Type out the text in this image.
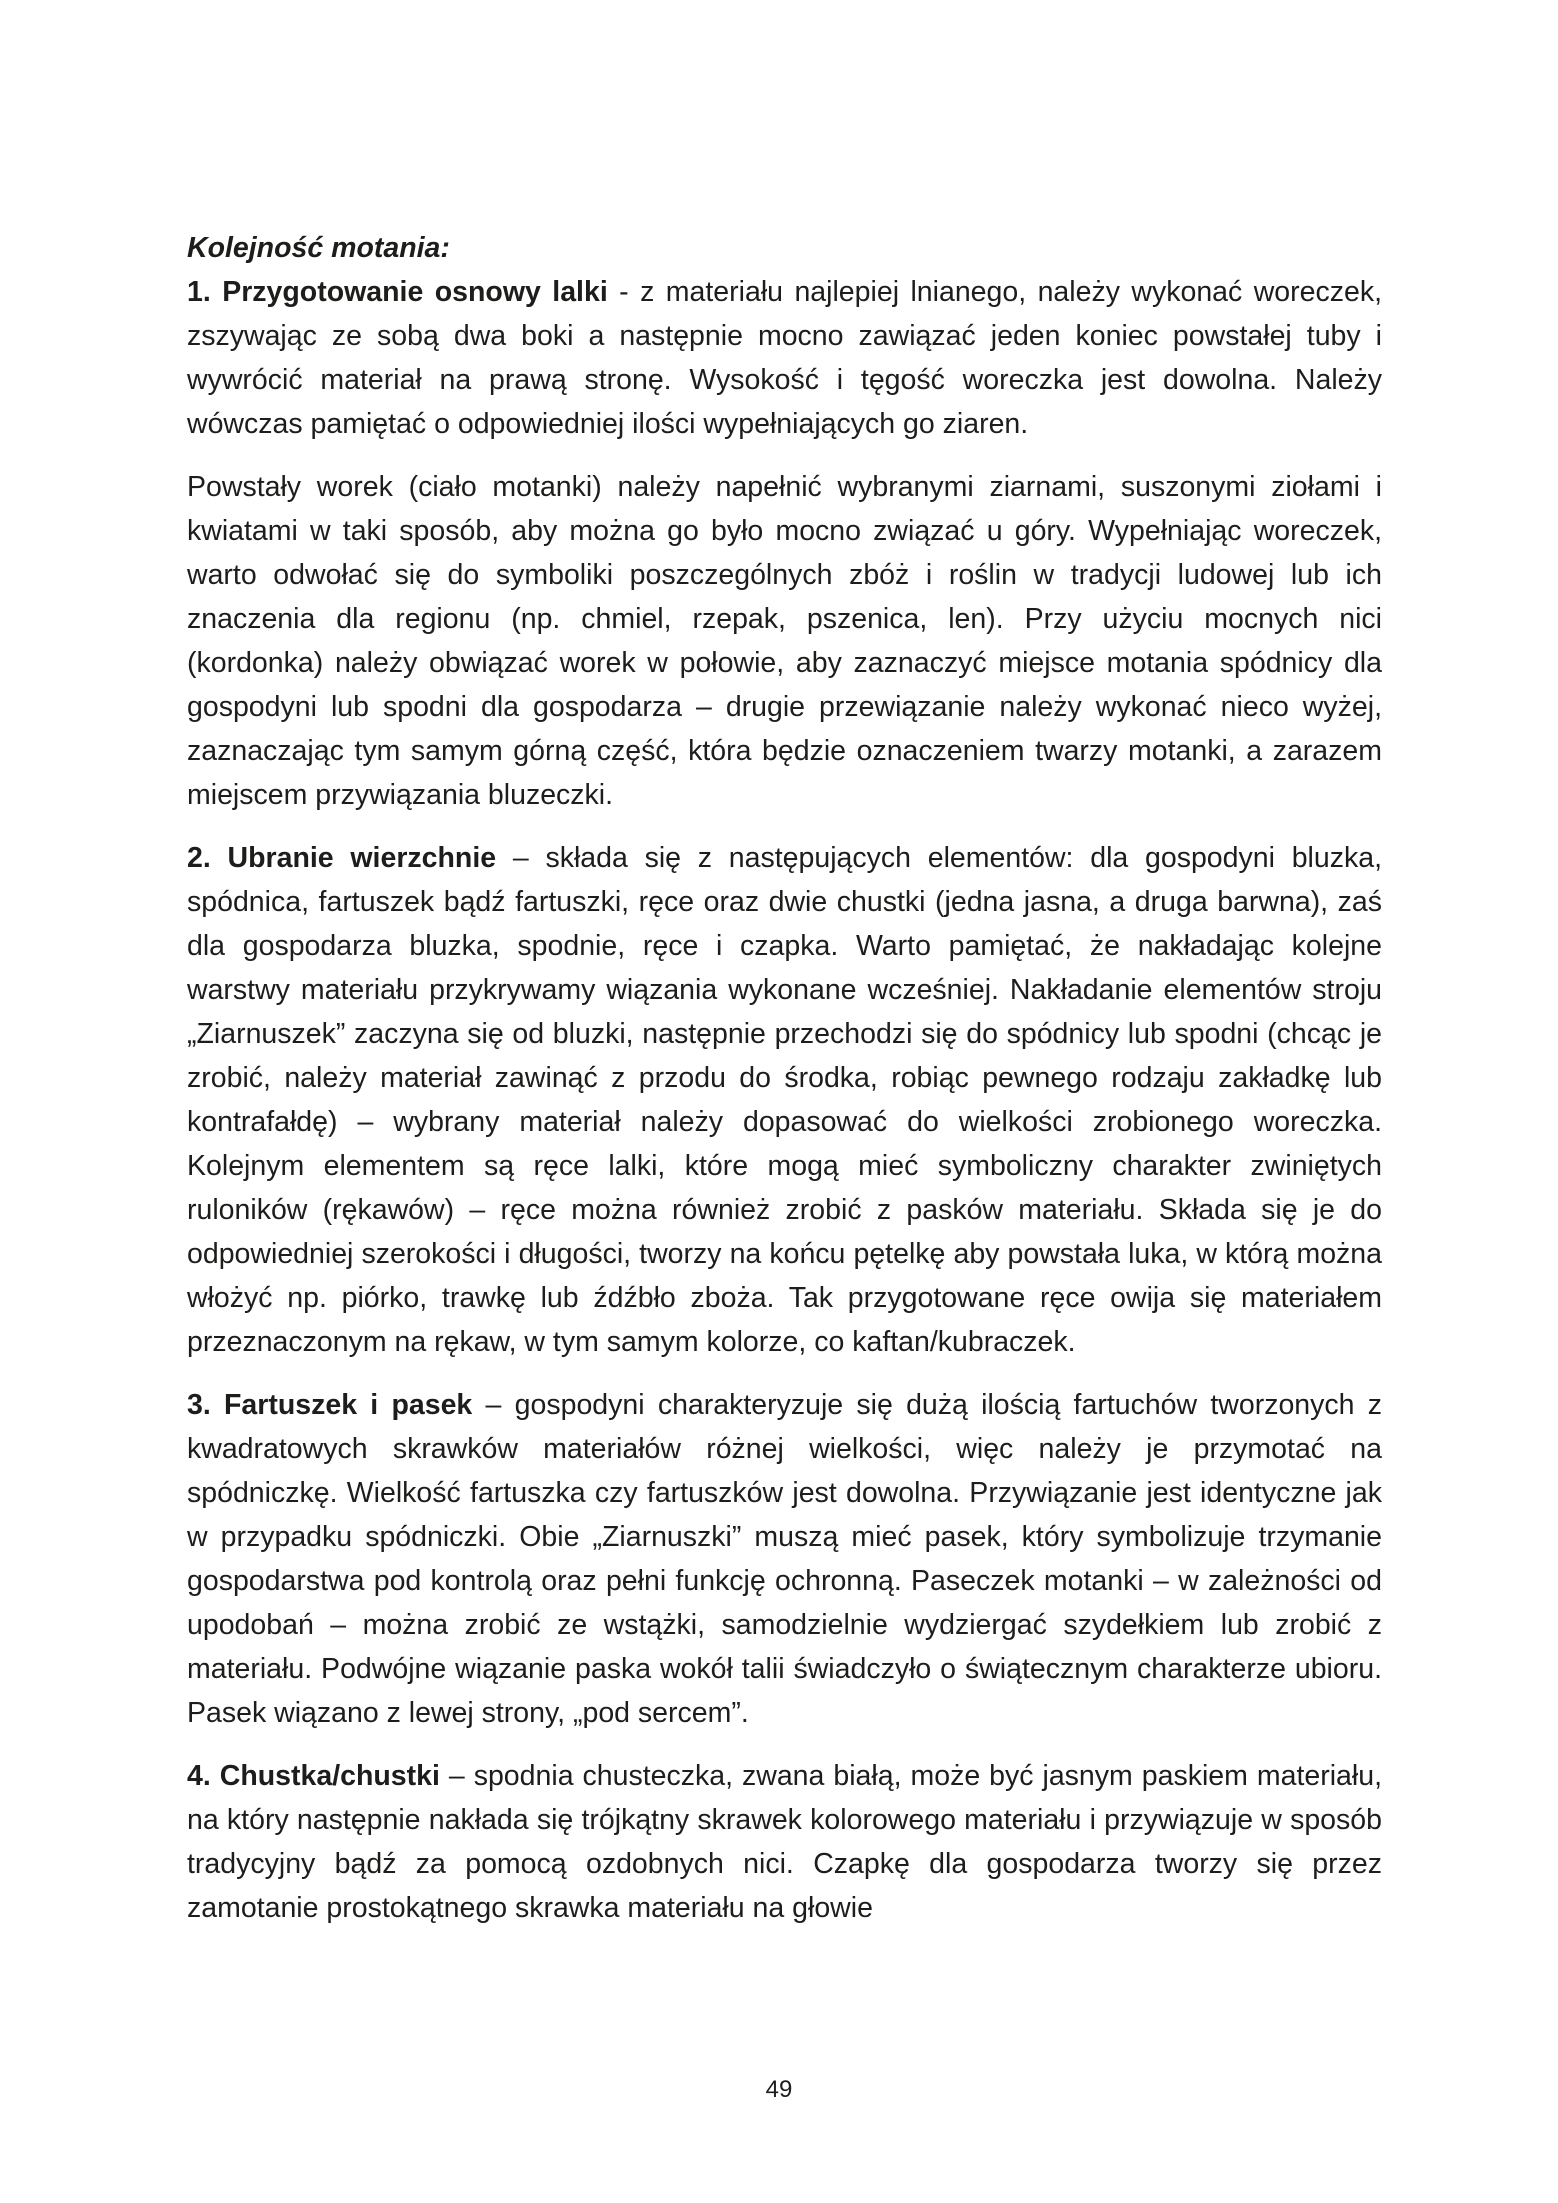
Kolejność motania:

1. Przygotowanie osnowy lalki - z materiału najlepiej lnianego, należy wykonać woreczek, zszywając ze sobą dwa boki a następnie mocno zawiązać jeden koniec powstałej tuby i wywrócić materiał na prawą stronę. Wysokość i tęgość woreczka jest dowolna. Należy wówczas pamiętać o odpowiedniej ilości wypełniających go ziaren.

Powstały worek (ciało motanki) należy napełnić wybranymi ziarnami, suszonymi ziołami i kwiatami w taki sposób, aby można go było mocno związać u góry. Wypełniając woreczek, warto odwołać się do symboliki poszczególnych zbóż i roślin w tradycji ludowej lub ich znaczenia dla regionu (np. chmiel, rzepak, pszenica, len). Przy użyciu mocnych nici (kordonka) należy obwiązać worek w połowie, aby zaznaczyć miejsce motania spódnicy dla gospodyni lub spodni dla gospodarza – drugie przewiązanie należy wykonać nieco wyżej, zaznaczając tym samym górną część, która będzie oznaczeniem twarzy motanki, a zarazem miejscem przywiązania bluzeczki.

2. Ubranie wierzchnie – składa się z następujących elementów: dla gospodyni bluzka, spódnica, fartuszek bądź fartuszki, ręce oraz dwie chustki (jedna jasna, a druga barwna), zaś dla gospodarza bluzka, spodnie, ręce i czapka. Warto pamiętać, że nakładając kolejne warstwy materiału przykrywamy wiązania wykonane wcześniej. Nakładanie elementów stroju „Ziarnuszek” zaczyna się od bluzki, następnie przechodzi się do spódnicy lub spodni (chcąc je zrobić, należy materiał zawinąć z przodu do środka, robiąc pewnego rodzaju zakładkę lub kontrafałdę) – wybrany materiał należy dopasować do wielkości zrobionego woreczka. Kolejnym elementem są ręce lalki, które mogą mieć symboliczny charakter zwiniętych ruloników (rękawów) – ręce można również zrobić z pasków materiału. Składa się je do odpowiedniej szerokości i długości, tworzy na końcu pętelkę aby powstała luka, w którą można włożyć np. piórko, trawkę lub źdźbło zboża. Tak przygotowane ręce owija się materiałem przeznaczonym na rękaw, w tym samym kolorze, co kaftan/kubraczek.

3. Fartuszek i pasek – gospodyni charakteryzuje się dużą ilością fartuchów tworzonych z kwadratowych skrawków materiałów różnej wielkości, więc należy je przymotać na spódniczkę. Wielkość fartuszka czy fartuszków jest dowolna. Przywiązanie jest identyczne jak w przypadku spódniczki. Obie „Ziarnuszki” muszą mieć pasek, który symbolizuje trzymanie gospodarstwa pod kontrolą oraz pełni funkcję ochronną. Paseczek motanki – w zależności od upodobań – można zrobić ze wstążki, samodzielnie wydziergać szydełkiem lub zrobić z materiału. Podwójne wiązanie paska wokół talii świadczyło o świątecznym charakterze ubioru. Pasek wiązano z lewej strony, „pod sercem”.

4. Chustka/chustki – spodnia chusteczka, zwana białą, może być jasnym paskiem materiału, na który następnie nakłada się trójkątny skrawek kolorowego materiału i przywiązuje w sposób tradycyjny bądź za pomocą ozdobnych nici. Czapkę dla gospodarza tworzy się przez zamotanie prostokątnego skrawka materiału na głowie

49
